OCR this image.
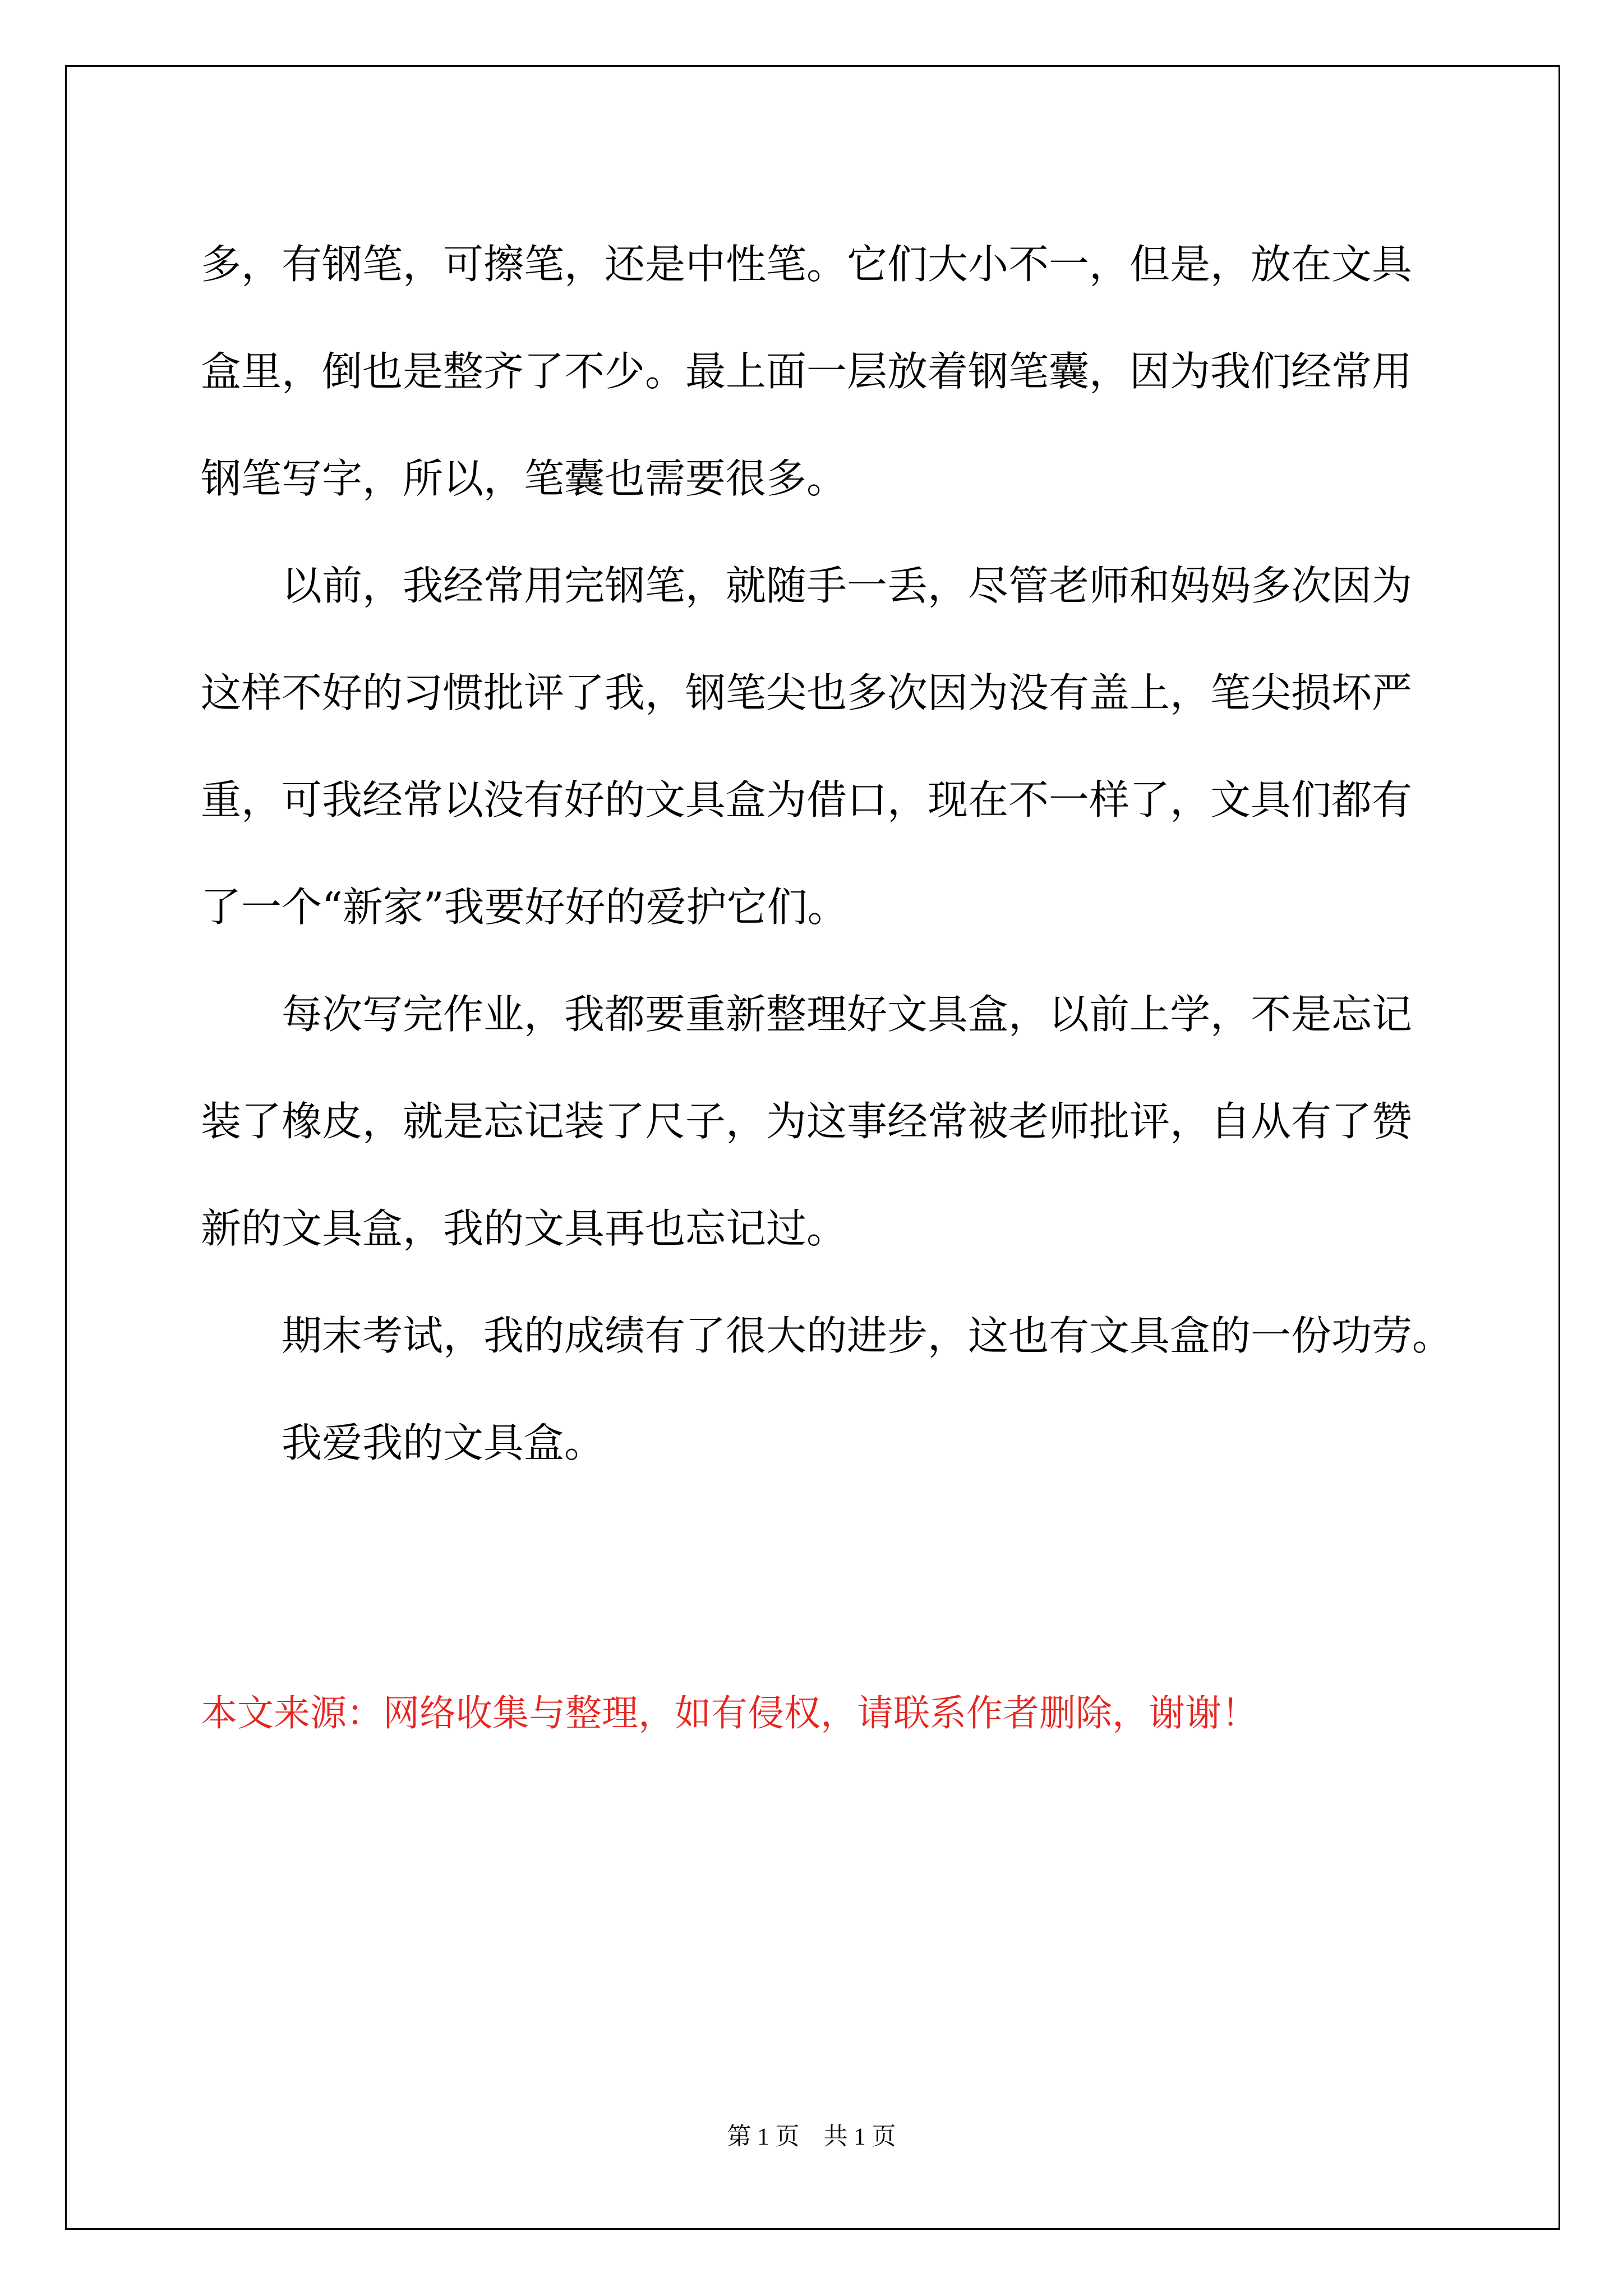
多，有钢笔，可擦笔，还是中性笔。它们大小不一，但是，放在文具
盒里，倒也是整齐了不少。最上面一层放着钢笔囊，因为我们经常用
钢笔写字，所以，笔囊也需要很多。

以前，我经常用完钢笔，就随手一丢，尽管老师和妈妈多次因为
这样不好的习惯批评了我，钢笔尖也多次因为没有盖上，笔尖损坏严
重，可我经常以没有好的文具盒为借口，现在不一样了，文具们都有
了一个“新家”我要好好的爱护它们。

每次写完作业，我都要重新整理好文具盒，以前上学，不是忘记
装了橡皮，就是忘记装了尺子，为这事经常被老师批评，自从有了赞
新的文具盒，我的文具再也忘记过。

期末考试，我的成绩有了很大的进步，这也有文具盒的一份功劳。

我爱我的文具盒。

本文来源：网络收集与整理，如有侵权，请联系作者删除，谢谢！
第 1 页　共 1 页
